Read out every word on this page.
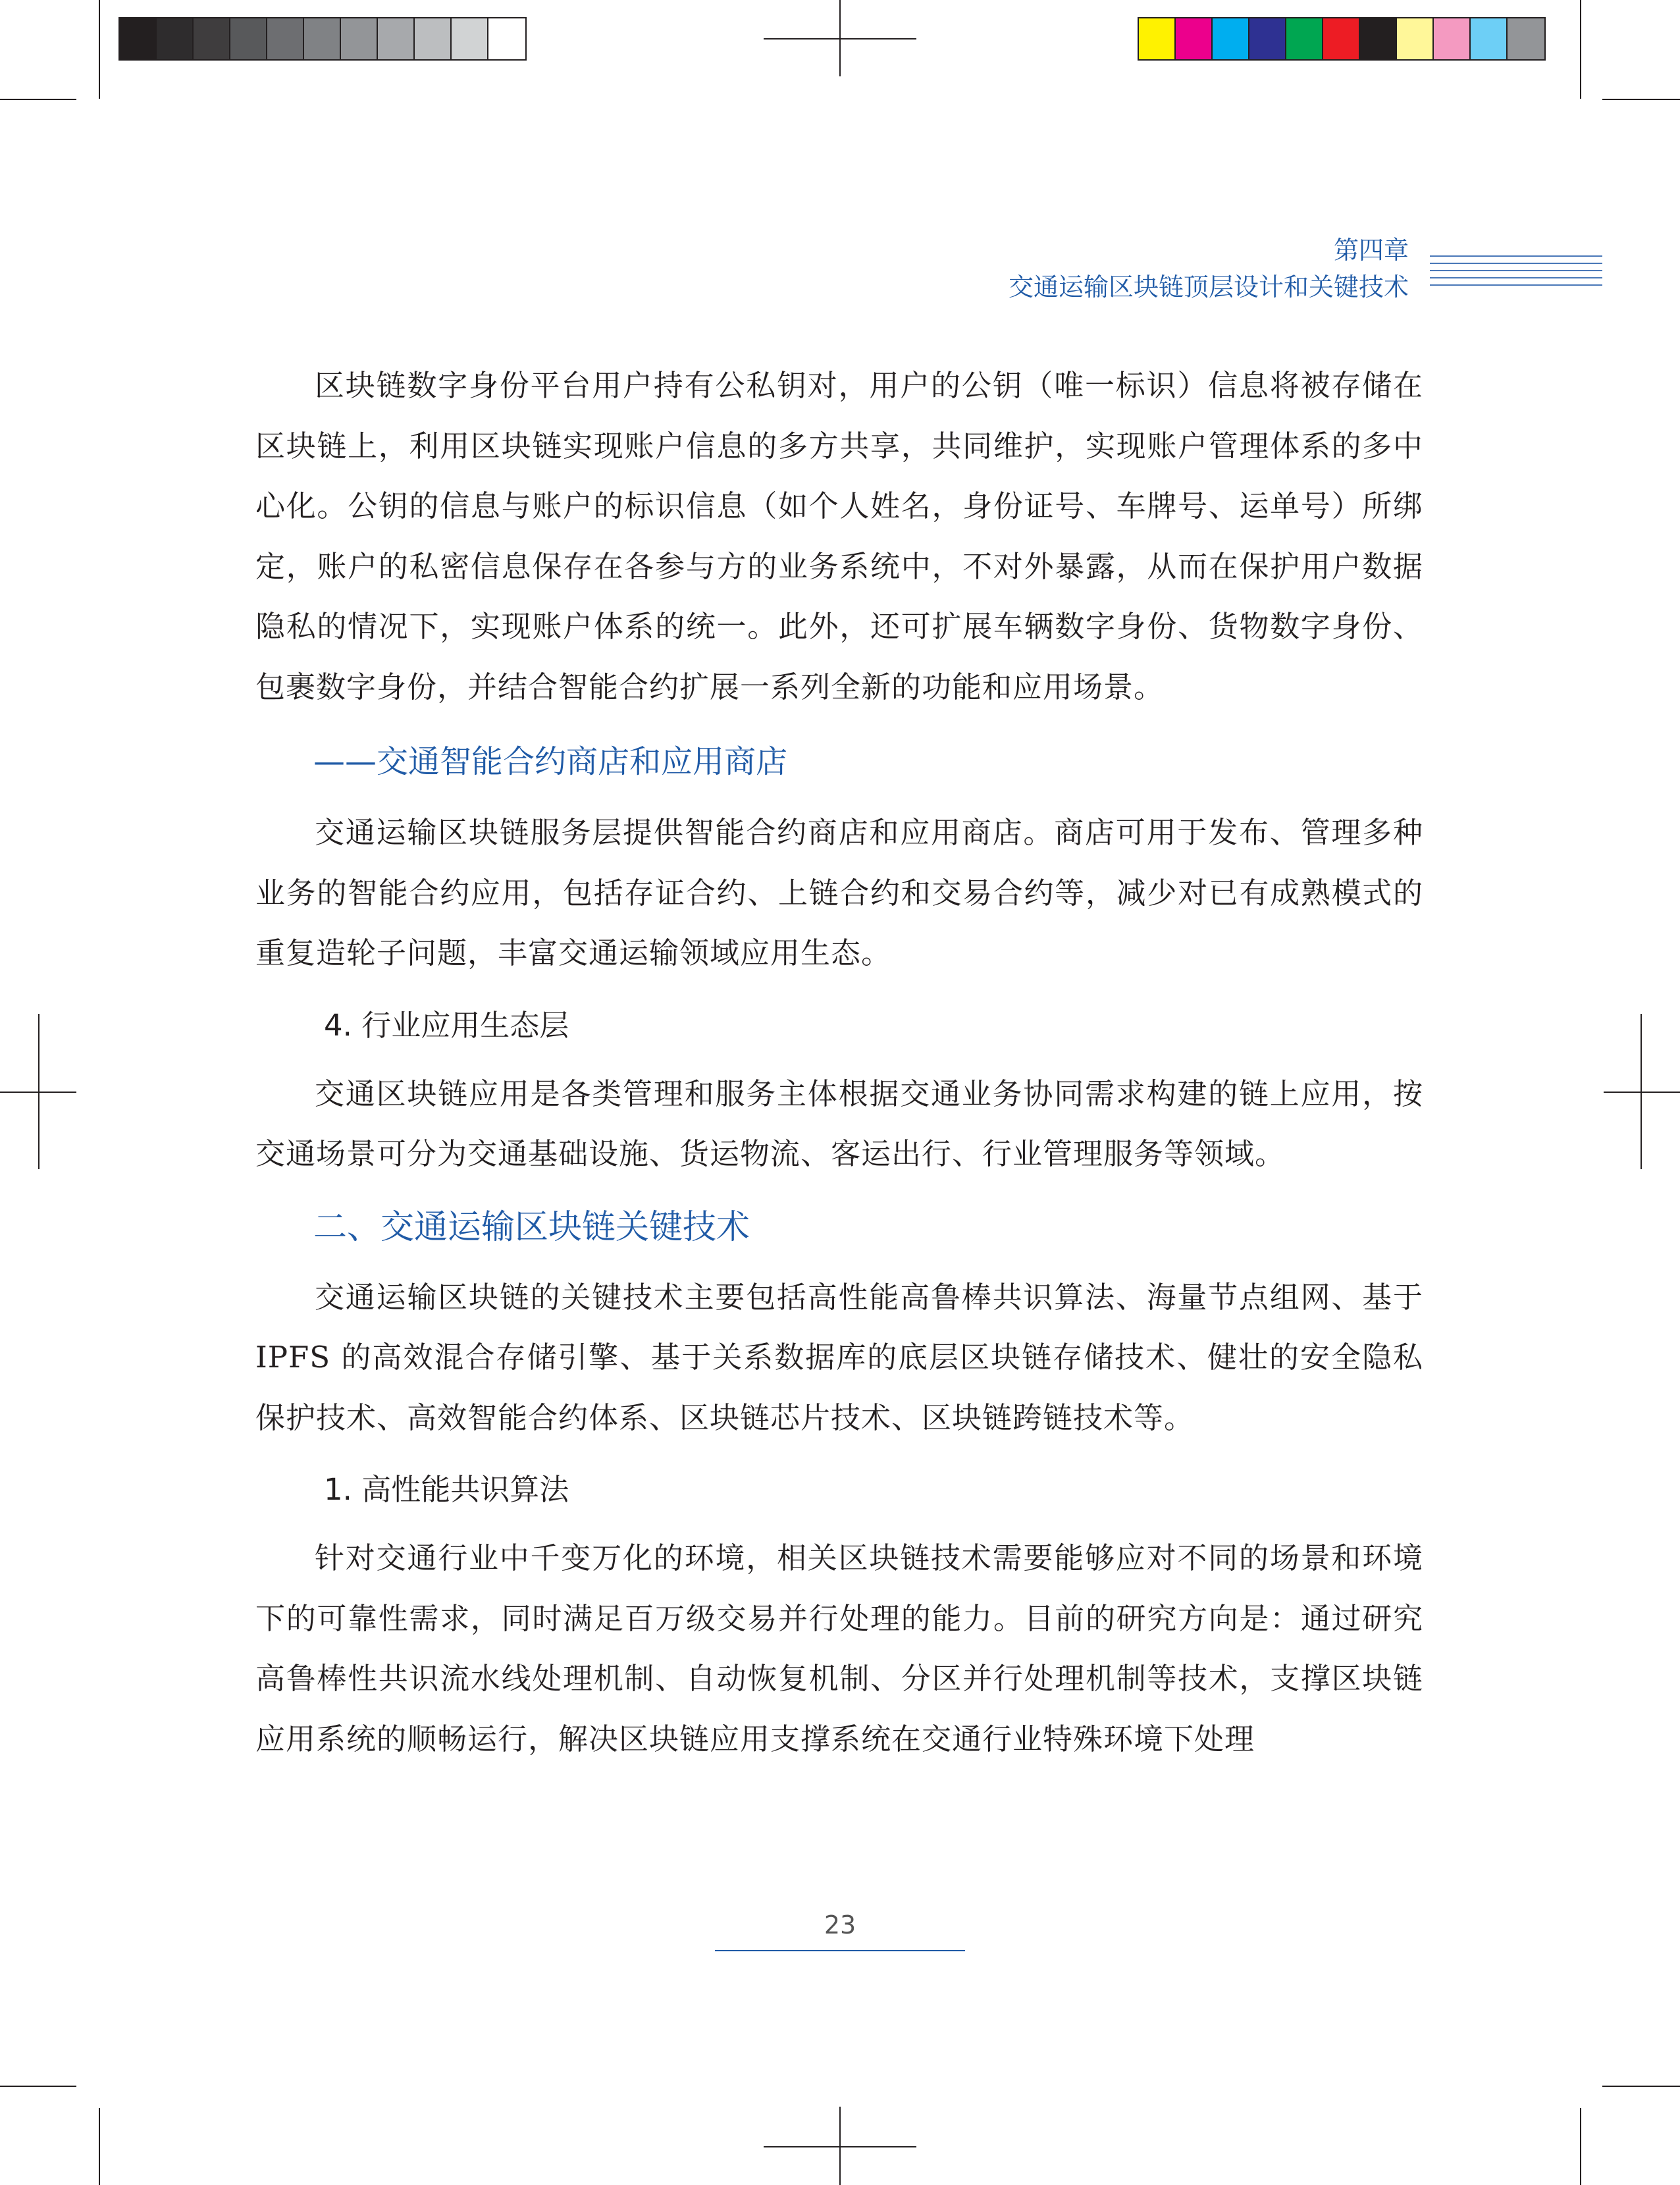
第四章
交通运输区块链顶层设计和关键技术

区块链数字身份平台用户持有公私钥对，用户的公钥（唯一标识）信息将被存储在区块链上，利用区块链实现账户信息的多方共享，共同维护，实现账户管理体系的多中心化。公钥的信息与账户的标识信息（如个人姓名，身份证号、车牌号、运单号）所绑定，账户的私密信息保存在各参与方的业务系统中，不对外暴露，从而在保护用户数据隐私的情况下，实现账户体系的统一。此外，还可扩展车辆数字身份、货物数字身份、包裹数字身份，并结合智能合约扩展一系列全新的功能和应用场景。

——交通智能合约商店和应用商店

交通运输区块链服务层提供智能合约商店和应用商店。商店可用于发布、管理多种业务的智能合约应用，包括存证合约、上链合约和交易合约等，减少对已有成熟模式的重复造轮子问题，丰富交通运输领域应用生态。

4. 行业应用生态层

交通区块链应用是各类管理和服务主体根据交通业务协同需求构建的链上应用，按交通场景可分为交通基础设施、货运物流、客运出行、行业管理服务等领域。

二、交通运输区块链关键技术

交通运输区块链的关键技术主要包括高性能高鲁棒共识算法、海量节点组网、基于 IPFS 的高效混合存储引擎、基于关系数据库的底层区块链存储技术、健壮的安全隐私保护技术、高效智能合约体系、区块链芯片技术、区块链跨链技术等。

1. 高性能共识算法

针对交通行业中千变万化的环境，相关区块链技术需要能够应对不同的场景和环境下的可靠性需求，同时满足百万级交易并行处理的能力。目前的研究方向是：通过研究高鲁棒性共识流水线处理机制、自动恢复机制、分区并行处理机制等技术，支撑区块链应用系统的顺畅运行，解决区块链应用支撑系统在交通行业特殊环境下处理

23
